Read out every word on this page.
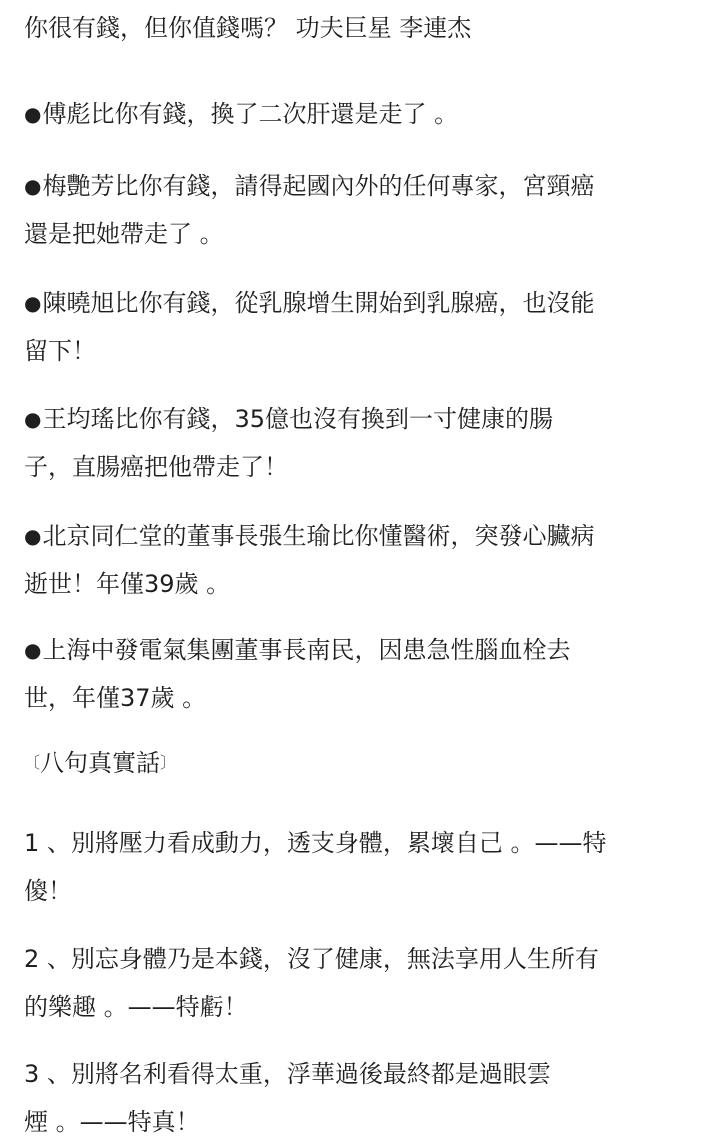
你很有錢，但你值錢嗎？ 功夫巨星 李連杰
●傅彪比你有錢，換了二次肝還是走了 。
●梅艷芳比你有錢，請得起國內外的任何專家，宮頸癌
還是把她帶走了 。
●陳曉旭比你有錢，從乳腺增生開始到乳腺癌，也沒能
留下！
●王均瑤比你有錢，35億也沒有換到一寸健康的腸
子，直腸癌把他帶走了！
●北京同仁堂的董事長張生瑜比你懂醫術，突發心臟病
逝世！年僅39歲 。
●上海中發電氣集團董事長南民，因患急性腦血栓去
世，年僅37歲 。
〔八句真實話〕
1 、別將壓力看成動力，透支身體，累壞自己 。——特
傻！
2 、別忘身體乃是本錢，沒了健康，無法享用人生所有
的樂趣 。——特虧！
3 、別將名利看得太重，浮華過後最終都是過眼雲
煙 。——特真！
